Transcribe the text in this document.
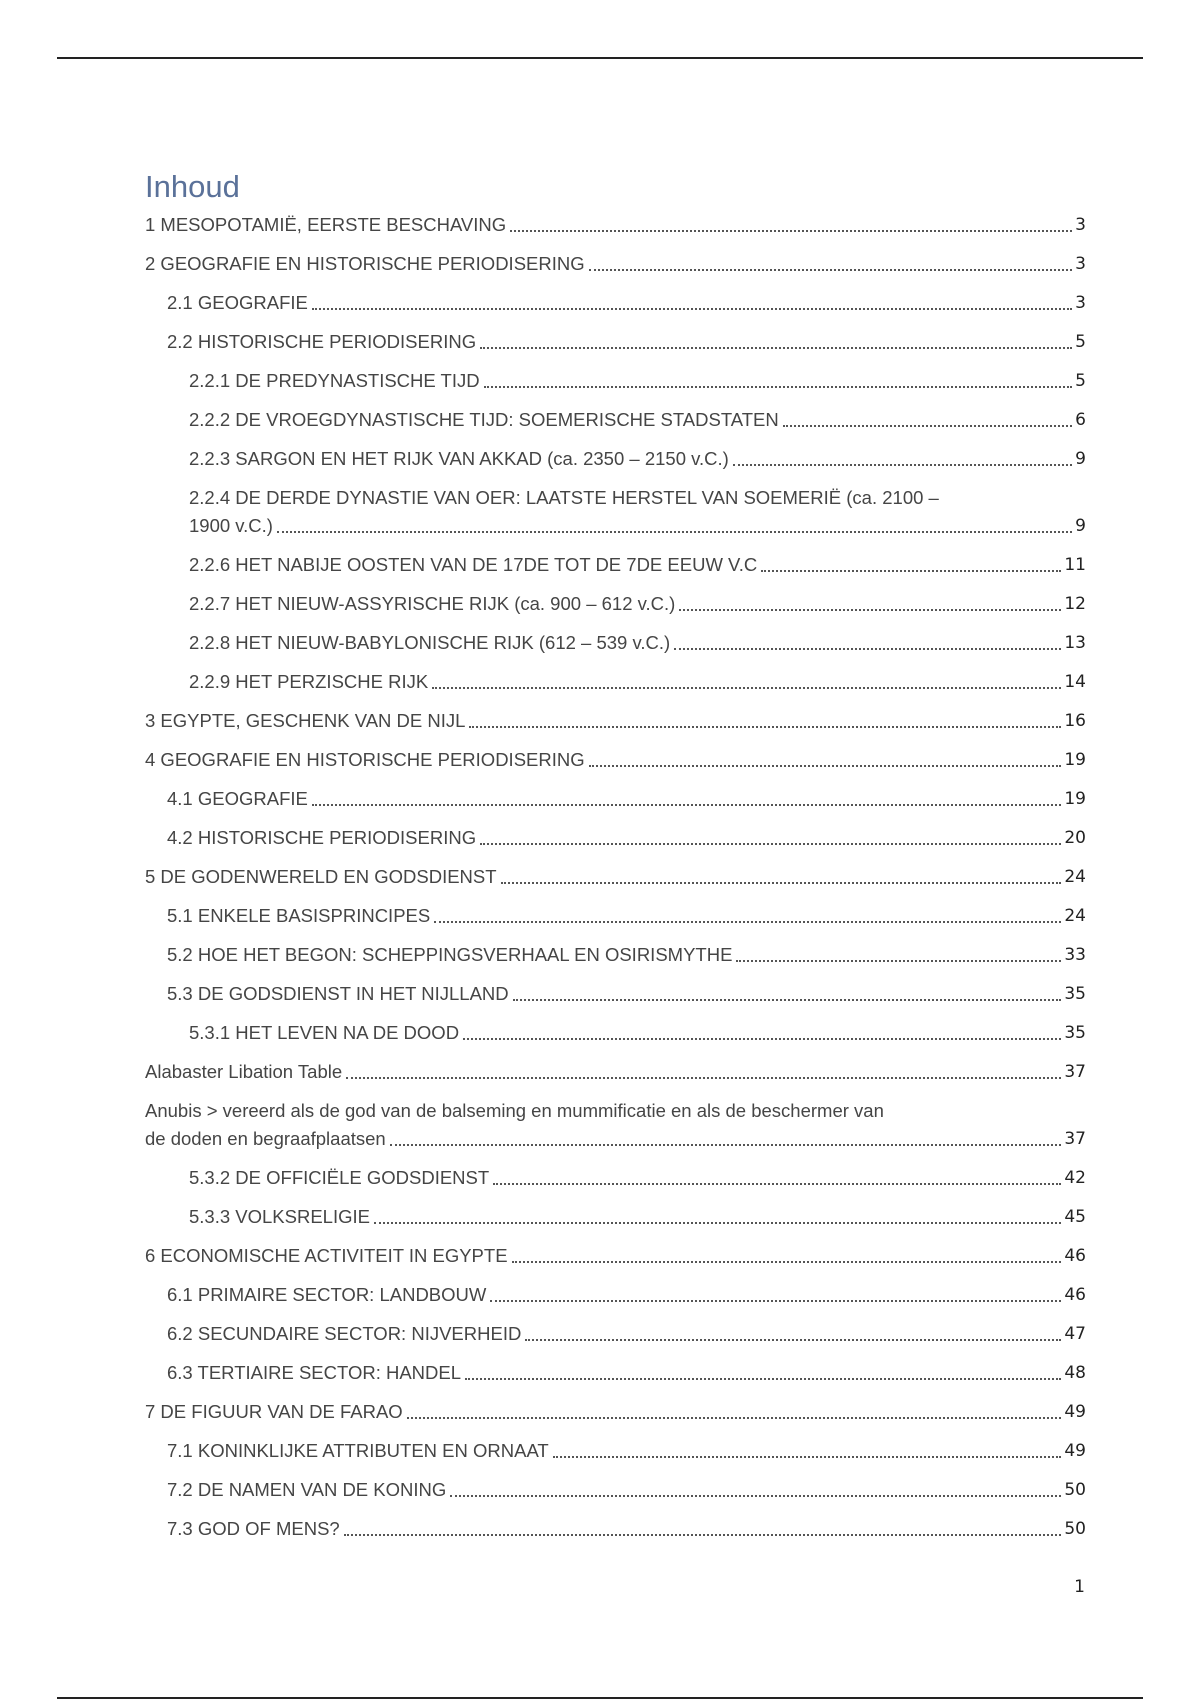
Inhoud
1 MESOPOTAMIË, EERSTE BESCHAVING	3
2 GEOGRAFIE EN HISTORISCHE PERIODISERING	3
2.1 GEOGRAFIE	3
2.2 HISTORISCHE PERIODISERING	5
2.2.1 DE PREDYNASTISCHE TIJD	5
2.2.2 DE VROEGDYNASTISCHE TIJD: SOEMERISCHE STADSTATEN	6
2.2.3 SARGON EN HET RIJK VAN AKKAD (ca. 2350 – 2150 v.C.)	9
2.2.4 DE DERDE DYNASTIE VAN OER: LAATSTE HERSTEL VAN SOEMERIË (ca. 2100 –
1900 v.C.)	9
2.2.6 HET NABIJE OOSTEN VAN DE 17DE TOT DE 7DE EEUW V.C	11
2.2.7 HET NIEUW-ASSYRISCHE RIJK (ca. 900 – 612 v.C.)	12
2.2.8 HET NIEUW-BABYLONISCHE RIJK (612 – 539 v.C.)	13
2.2.9 HET PERZISCHE RIJK	14
3 EGYPTE, GESCHENK VAN DE NIJL	16
4 GEOGRAFIE EN HISTORISCHE PERIODISERING	19
4.1 GEOGRAFIE	19
4.2 HISTORISCHE PERIODISERING	20
5 DE GODENWERELD EN GODSDIENST	24
5.1 ENKELE BASISPRINCIPES	24
5.2 HOE HET BEGON: SCHEPPINGSVERHAAL EN OSIRISMYTHE	33
5.3 DE GODSDIENST IN HET NIJLLAND	35
5.3.1 HET LEVEN NA DE DOOD	35
Alabaster Libation Table	37
Anubis > vereerd als de god van de balseming en mummificatie en als de beschermer van
de doden en begraafplaatsen	37
5.3.2 DE OFFICIËLE GODSDIENST	42
5.3.3 VOLKSRELIGIE	45
6 ECONOMISCHE ACTIVITEIT IN EGYPTE	46
6.1 PRIMAIRE SECTOR: LANDBOUW	46
6.2 SECUNDAIRE SECTOR: NIJVERHEID	47
6.3 TERTIAIRE SECTOR: HANDEL	48
7 DE FIGUUR VAN DE FARAO	49
7.1 KONINKLIJKE ATTRIBUTEN EN ORNAAT	49
7.2 DE NAMEN VAN DE KONING	50
7.3 GOD OF MENS?	50
1
